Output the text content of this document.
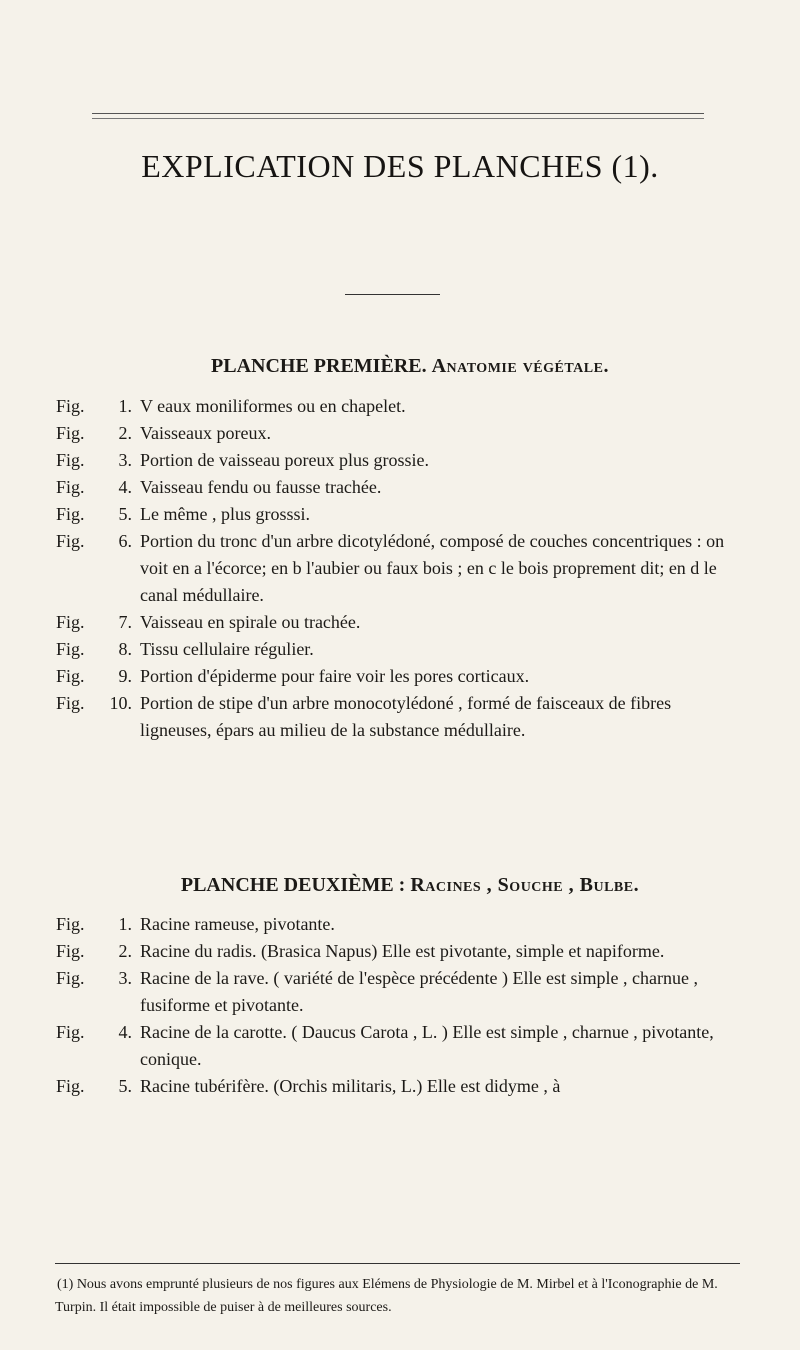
EXPLICATION DES PLANCHES (1).
PLANCHE PREMIÈRE. Anatomie végétale.
Fig.	1. V eaux moniliformes ou en chapelet.
Fig.	2. Vaisseaux poreux.
Fig.	3. Portion de vaisseau poreux plus grossie.
Fig.	4. Vaisseau fendu ou fausse trachée.
Fig.	5. Le même , plus grosssi.
Fig.	6. Portion du tronc d'un arbre dicotylédoné, composé de couches concentriques : on voit en a l'écorce; en b l'aubier ou faux bois ; en c le bois proprement dit; en d le canal médullaire.
Fig.	7. Vaisseau en spirale ou trachée.
Fig.	8. Tissu cellulaire régulier.
Fig.	9. Portion d'épiderme pour faire voir les pores corticaux.
Fig.	10. Portion de stipe d'un arbre monocotylédoné , formé de faisceaux de fibres ligneuses, épars au milieu de la substance médullaire.
PLANCHE DEUXIÈME : Racines , Souche , Bulbe.
Fig.	1. Racine rameuse, pivotante.
Fig.	2. Racine du radis. (Brasica Napus) Elle est pivotante, simple et napiforme.
Fig.	3. Racine de la rave. ( variété de l'espèce précédente ) Elle est simple , charnue , fusiforme et pivotante.
Fig.	4. Racine de la carotte. ( Daucus Carota , L. ) Elle est simple , charnue , pivotante, conique.
Fig.	5. Racine tubérifère. (Orchis militaris, L.) Elle est didyme , à
(1) Nous avons emprunté plusieurs de nos figures aux Elémens de Physiologie de M. Mirbel et à l'Iconographie de M. Turpin. Il était impossible de puiser à de meilleures sources.
